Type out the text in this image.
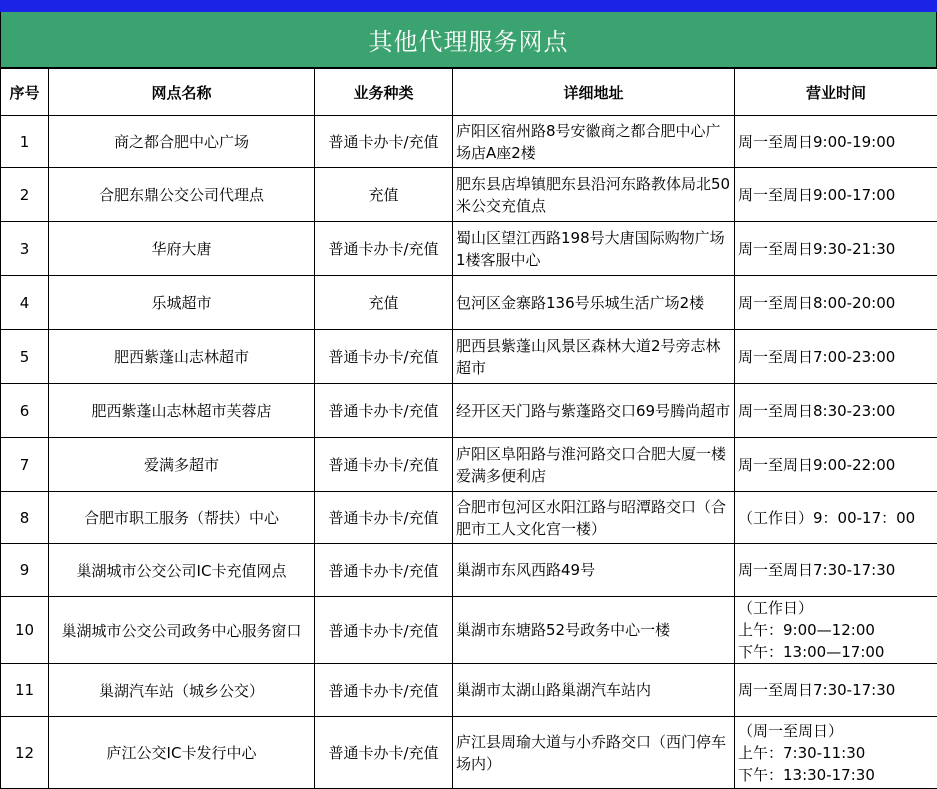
其他代理服务网点
序号	网点名称	业务种类	详细地址	营业时间
1	商之都合肥中心广场	普通卡办卡/充值	庐阳区宿州路8号安徽商之都合肥中心广场店A座2楼	周一至周日9:00-19:00

2	合肥东鼎公交公司代理点	充值	肥东县店埠镇肥东县沿河东路教体局北50米公交充值点	周一至周日9:00-17:00

3	华府大唐	普通卡办卡/充值	蜀山区望江西路198号大唐国际购物广场1楼客服中心	周一至周日9:30-21:30

4	乐城超市	充值	包河区金寨路136号乐城生活广场2楼	周一至周日8:00-20:00

5	肥西紫蓬山志林超市	普通卡办卡/充值	肥西县紫蓬山风景区森林大道2号旁志林超市	周一至周日7:00-23:00

6	肥西紫蓬山志林超市芙蓉店	普通卡办卡/充值	经开区天门路与紫蓬路交口69号腾尚超市	周一至周日8:30-23:00

7	爱满多超市	普通卡办卡/充值	庐阳区阜阳路与淮河路交口合肥大厦一楼爱满多便利店	周一至周日9:00-22:00

8	合肥市职工服务（帮扶）中心	普通卡办卡/充值	合肥市包河区水阳江路与昭潭路交口（合肥市工人文化宫一楼）	（工作日）9：00-17：00

9	巢湖城市公交公司IC卡充值网点	普通卡办卡/充值	巢湖市东风西路49号	周一至周日7:30-17:30

10	巢湖城市公交公司政务中心服务窗口	普通卡办卡/充值	巢湖市东塘路52号政务中心一楼	（工作日）
上午：9:00—12:00
下午：13:00—17:00

11	巢湖汽车站（城乡公交）	普通卡办卡/充值	巢湖市太湖山路巢湖汽车站内	周一至周日7:30-17:30

12	庐江公交IC卡发行中心	普通卡办卡/充值	庐江县周瑜大道与小乔路交口（西门停车场内）	（周一至周日）
上午：7:30-11:30
下午：13:30-17:30
